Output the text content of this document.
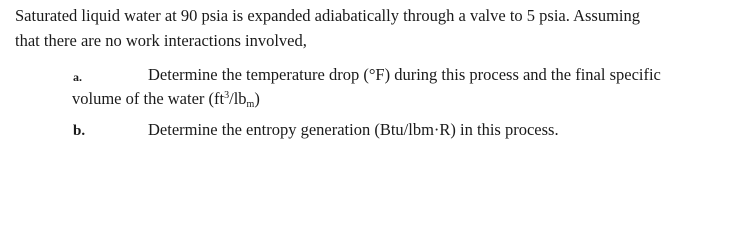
Saturated liquid water at 90 psia is expanded adiabatically through a valve to 5 psia. Assuming
that there are no work interactions involved,
a.	Determine the temperature drop (°F) during this process and the final specific
volume of the water $(ft^3/lb_m)$
b.	Determine the entropy generation (Btu/lbm·R) in this process.
